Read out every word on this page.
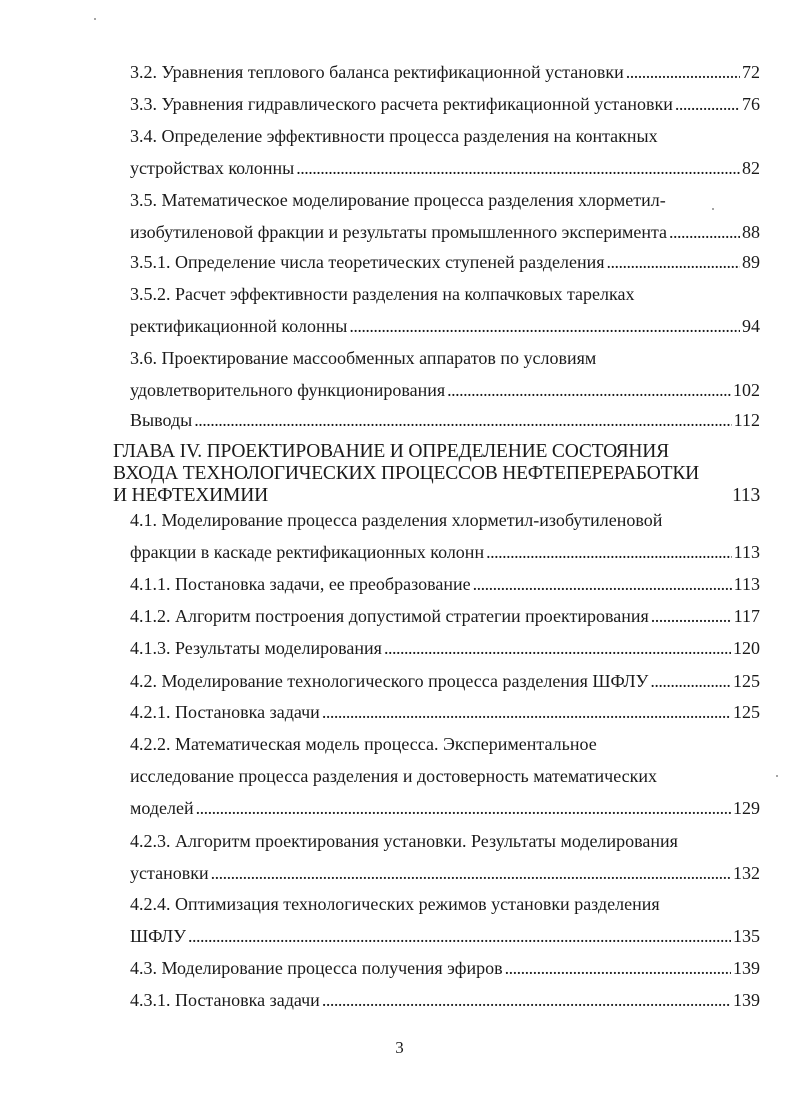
3.2. Уравнения теплового баланса ректификационной установки . . .	72
3.3. Уравнения гидравлического расчета ректификационной установки . . .	76
3.4. Определение эффективности процесса разделения на контакных
устройствах колонны . . .	82
3.5. Математическое моделирование процесса разделения хлорметил-
изобутиленовой фракции и результаты промышленного эксперимента . . .	88
3.5.1. Определение числа теоретических ступеней разделения . . .	89
3.5.2. Расчет эффективности разделения на колпачковых тарелках
ректификационной колонны . . .	94
3.6. Проектирование массообменных аппаратов по условиям
удовлетворительного функционирования . . .	102
Выводы . . .	112
ГЛАВА IV. ПРОЕКТИРОВАНИЕ И ОПРЕДЕЛЕНИЕ СОСТОЯНИЯ
ВХОДА ТЕХНОЛОГИЧЕСКИХ ПРОЦЕССОВ НЕФТЕПЕРЕРАБОТКИ
И НЕФТЕХИМИИ	113
4.1. Моделирование процесса разделения хлорметил-изобутиленовой
фракции в каскаде ректификационных колонн . . .	113
4.1.1. Постановка задачи, ее преобразование . . .	113
4.1.2. Алгоритм построения допустимой стратегии проектирования . . .	117
4.1.3. Результаты моделирования . . .	120
4.2. Моделирование технологического процесса разделения ШФЛУ . . .	125
4.2.1. Постановка задачи . . .	125
4.2.2. Математическая модель процесса. Экспериментальное
исследование процесса разделения и достоверность математических
моделей . . .	129
4.2.3. Алгоритм проектирования установки. Результаты моделирования
установки . . .	132
4.2.4. Оптимизация технологических режимов установки разделения
ШФЛУ . . .	135
4.3. Моделирование процесса получения эфиров . . .	139
4.3.1. Постановка задачи . . .	139
3
